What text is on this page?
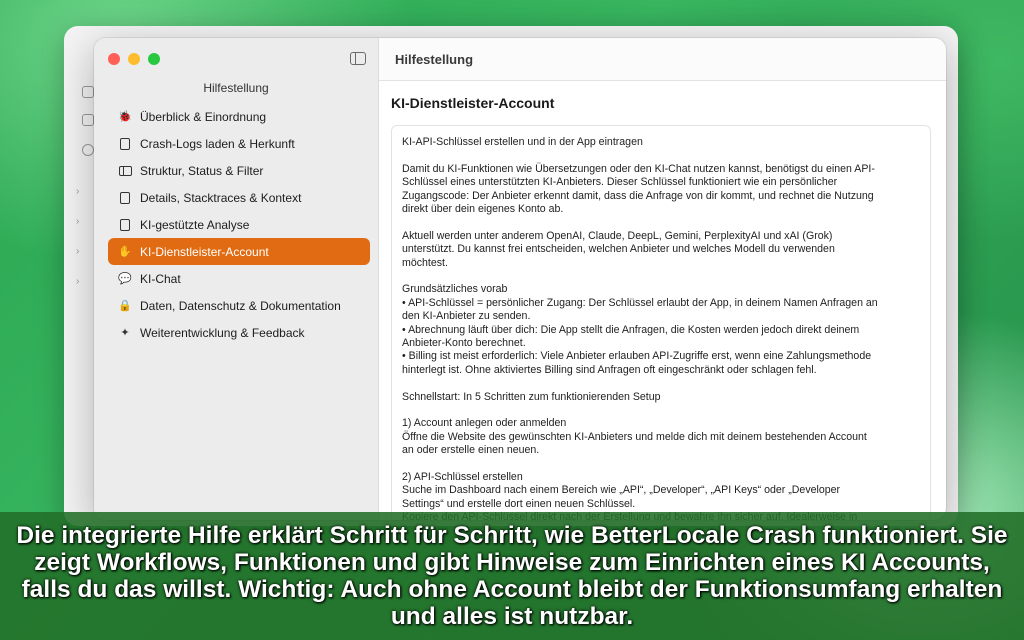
›
›
›
›
Hilfestellung
🐞 Überblick & Einordnung
Crash-Logs laden & Herkunft
Struktur, Status & Filter
Details, Stacktraces & Kontext
KI-gestützte Analyse
✋ KI-Dienstleister-Account
💬 KI-Chat
🔒 Daten, Datenschutz & Dokumentation
✦ Weiterentwicklung & Feedback
Hilfestellung
KI-Dienstleister-Account

KI-API-Schlüssel erstellen und in der App eintragen

Damit du KI-Funktionen wie Übersetzungen oder den KI-Chat nutzen kannst, benötigst du einen API-
Schlüssel eines unterstützten KI-Anbieters. Dieser Schlüssel funktioniert wie ein persönlicher
Zugangscode: Der Anbieter erkennt damit, dass die Anfrage von dir kommt, und rechnet die Nutzung
direkt über dein eigenes Konto ab.

Aktuell werden unter anderem OpenAI, Claude, DeepL, Gemini, PerplexityAI und xAI (Grok)
unterstützt. Du kannst frei entscheiden, welchen Anbieter und welches Modell du verwenden
möchtest.

Grundsätzliches vorab
• API-Schlüssel = persönlicher Zugang: Der Schlüssel erlaubt der App, in deinem Namen Anfragen an
den KI-Anbieter zu senden.
• Abrechnung läuft über dich: Die App stellt die Anfragen, die Kosten werden jedoch direkt deinem
Anbieter-Konto berechnet.
• Billing ist meist erforderlich: Viele Anbieter erlauben API-Zugriffe erst, wenn eine Zahlungsmethode
hinterlegt ist. Ohne aktiviertes Billing sind Anfragen oft eingeschränkt oder schlagen fehl.

Schnellstart: In 5 Schritten zum funktionierenden Setup

1) Account anlegen oder anmelden
Öffne die Website des gewünschten KI-Anbieters und melde dich mit deinem bestehenden Account
an oder erstelle einen neuen.

2) API-Schlüssel erstellen
Suche im Dashboard nach einem Bereich wie „API“, „Developer“, „API Keys“ oder „Developer
Settings“ und erstelle dort einen neuen Schlüssel.

Die integrierte Hilfe erklärt Schritt für Schritt, wie BetterLocale Crash funktioniert. Sie zeigt Workflows, Funktionen und gibt Hinweise zum Einrichten eines KI Accounts, falls du das willst. Wichtig: Auch ohne Account bleibt der Funktionsumfang erhalten und alles ist nutzbar.
